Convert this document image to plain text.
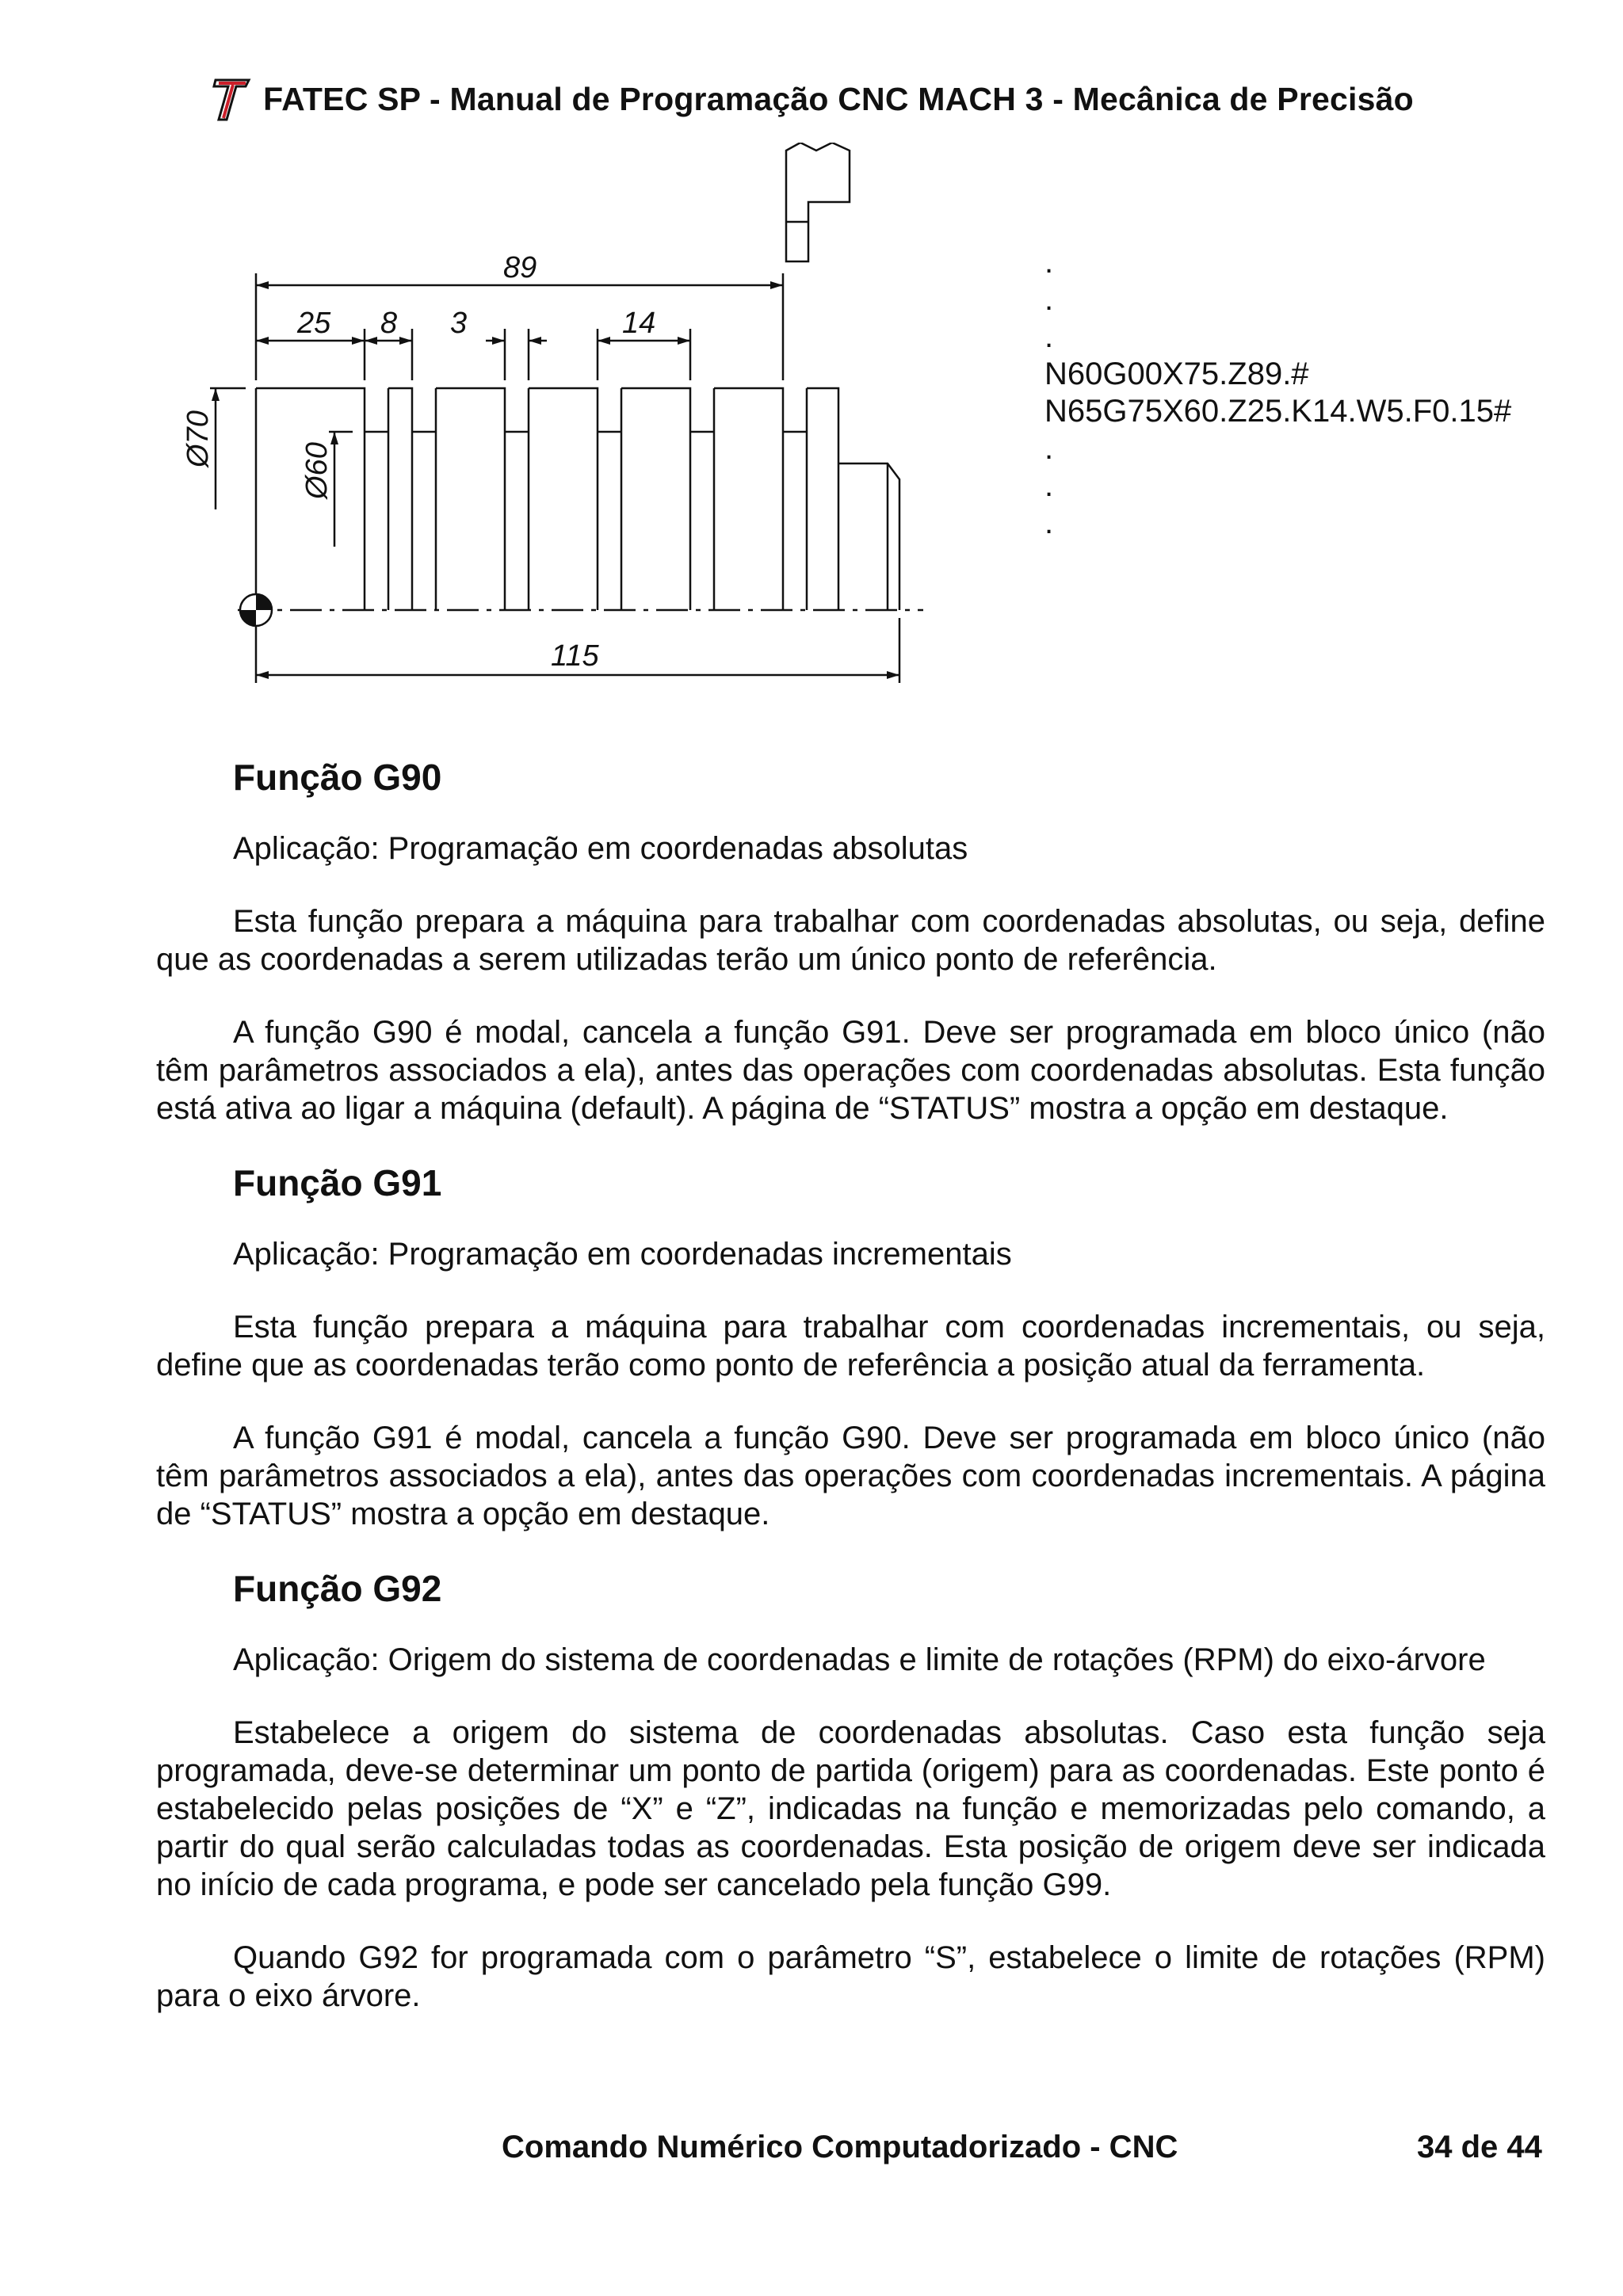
FATEC SP - Manual de Programação CNC MACH 3 - Mecânica de Precisão
89
25 8 3	14
Ø70
Ø60
115
.
.
.
N60G00X75.Z89.#
N65G75X60.Z25.K14.W5.F0.15#
.
.
.
Função G90

Aplicação: Programação em coordenadas absolutas

Esta função prepara a máquina para trabalhar com coordenadas absolutas, ou seja, define que as coordenadas a serem utilizadas terão um único ponto de referência.

A função G90 é modal, cancela a função G91. Deve ser programada em bloco único (não têm parâmetros associados a ela), antes das operações com coordenadas absolutas. Esta função está ativa ao ligar a máquina (default). A página de “STATUS” mostra a opção em destaque.

Função G91

Aplicação: Programação em coordenadas incrementais

Esta função prepara a máquina para trabalhar com coordenadas incrementais, ou seja, define que as coordenadas terão como ponto de referência a posição atual da ferramenta.

A função G91 é modal, cancela a função G90. Deve ser programada em bloco único (não têm parâmetros associados a ela), antes das operações com coordenadas incrementais. A página de “STATUS” mostra a opção em destaque.

Função G92

Aplicação: Origem do sistema de coordenadas e limite de rotações (RPM) do eixo-árvore

Estabelece a origem do sistema de coordenadas absolutas. Caso esta função seja programada, deve-se determinar um ponto de partida (origem) para as coordenadas. Este ponto é estabelecido pelas posições de “X” e “Z”, indicadas na função e memorizadas pelo comando, a partir do qual serão calculadas todas as coordenadas. Esta posição de origem deve ser indicada no início de cada programa, e pode ser cancelado pela função G99.

Quando G92 for programada com o parâmetro “S”, estabelece o limite de rotações (RPM) para o eixo árvore.

Comando Numérico Computadorizado - CNC	34 de 44
